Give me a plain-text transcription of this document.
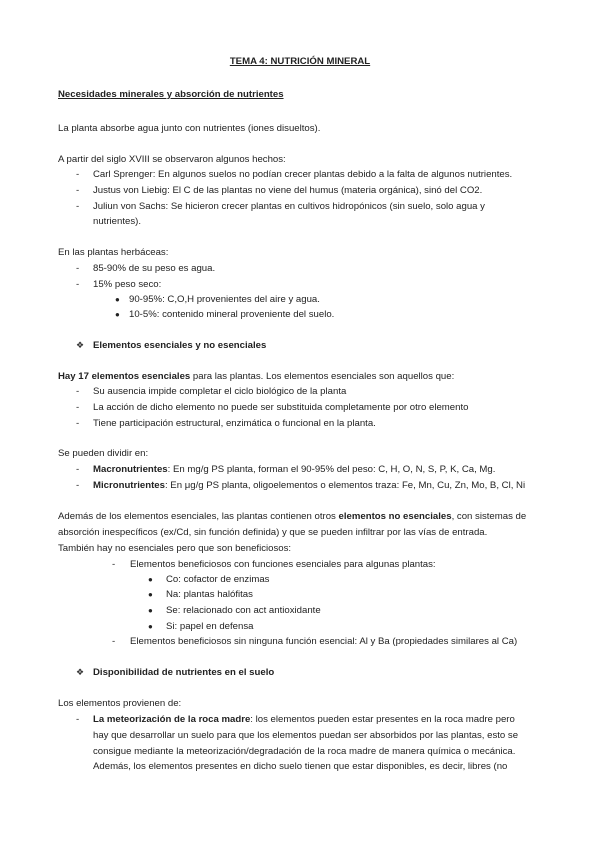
TEMA 4: NUTRICIÓN MINERAL
Necesidades minerales y absorción de nutrientes
La planta absorbe agua junto con nutrientes (iones disueltos).
A partir del siglo XVIII se observaron algunos hechos:
- Carl Sprenger: En algunos suelos no podían crecer plantas debido a la falta de algunos nutrientes.
- Justus von Liebig: El C de las plantas no viene del humus (materia orgánica), sinó del CO2.
- Juliun von Sachs: Se hicieron crecer plantas en cultivos hidropónicos (sin suelo, solo agua y
nutrientes).
En las plantas herbáceas:
- 85-90% de su peso es agua.
- 15% peso seco:
● 90-95%: C,O,H provenientes del aire y agua.
● 10-5%: contenido mineral proveniente del suelo.
❖ Elementos esenciales y no esenciales
Hay 17 elementos esenciales para las plantas. Los elementos esenciales son aquellos que:
- Su ausencia impide completar el ciclo biológico de la planta
- La acción de dicho elemento no puede ser substituida completamente por otro elemento
- Tiene participación estructural, enzimática o funcional en la planta.
Se pueden dividir en:
- Macronutrientes: En mg/g PS planta, forman el 90-95% del peso: C, H, O, N, S, P, K, Ca, Mg.
- Micronutrientes: En μg/g PS planta, oligoelementos o elementos traza: Fe, Mn, Cu, Zn, Mo, B, Cl, Ni
Además de los elementos esenciales, las plantas contienen otros elementos no esenciales, con sistemas de
absorción inespecíficos (ex/Cd, sin función definida) y que se pueden infiltrar por las vías de entrada.
También hay no esenciales pero que son beneficiosos:
- Elementos beneficiosos con funciones esenciales para algunas plantas:
● Co: cofactor de enzimas
● Na: plantas halófitas
● Se: relacionado con act antioxidante
● Si: papel en defensa
- Elementos beneficiosos sin ninguna función esencial: Al y Ba (propiedades similares al Ca)
❖ Disponibilidad de nutrientes en el suelo
Los elementos provienen de:
- La meteorización de la roca madre: los elementos pueden estar presentes en la roca madre pero
hay que desarrollar un suelo para que los elementos puedan ser absorbidos por las plantas, esto se
consigue mediante la meteorización/degradación de la roca madre de manera química o mecánica.
Además, los elementos presentes en dicho suelo tienen que estar disponibles, es decir, libres (no
